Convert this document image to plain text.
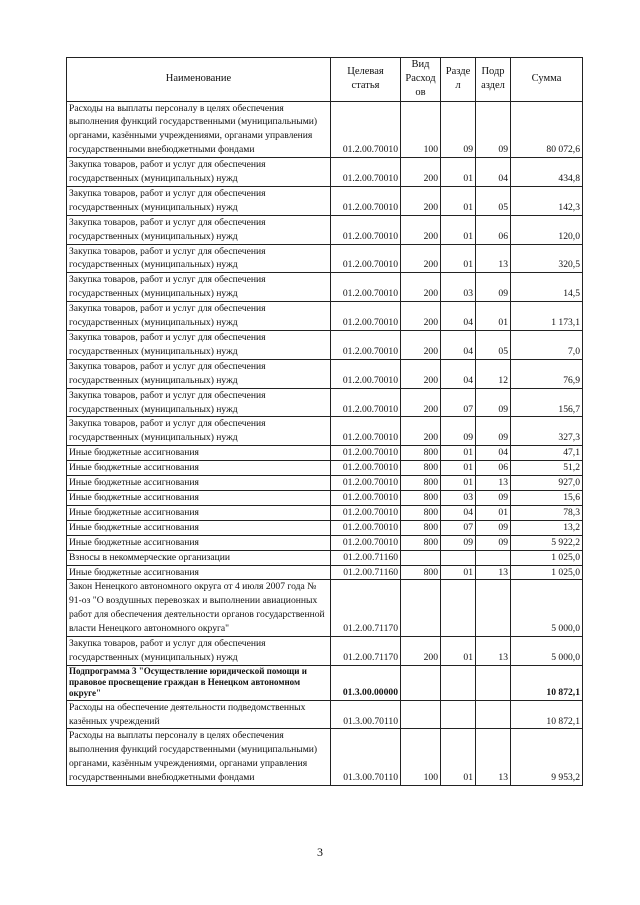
Наименование	Целевая статья	Вид Расход ов	Разде л	Подр аздел	Сумма
Расходы на выплаты персоналу в целях обеспечения выполнения функций государственными (муниципальными) органами, казёнными учреждениями, органами управления государственными внебюджетными фондами	01.2.00.70010	100	09	09	80 072,6
Закупка товаров, работ и услуг для обеспечения государственных (муниципальных) нужд	01.2.00.70010	200	01	04	434,8
Закупка товаров, работ и услуг для обеспечения государственных (муниципальных) нужд	01.2.00.70010	200	01	05	142,3
Закупка товаров, работ и услуг для обеспечения государственных (муниципальных) нужд	01.2.00.70010	200	01	06	120,0
Закупка товаров, работ и услуг для обеспечения государственных (муниципальных) нужд	01.2.00.70010	200	01	13	320,5
Закупка товаров, работ и услуг для обеспечения государственных (муниципальных) нужд	01.2.00.70010	200	03	09	14,5
Закупка товаров, работ и услуг для обеспечения государственных (муниципальных) нужд	01.2.00.70010	200	04	01	1 173,1
Закупка товаров, работ и услуг для обеспечения государственных (муниципальных) нужд	01.2.00.70010	200	04	05	7,0
Закупка товаров, работ и услуг для обеспечения государственных (муниципальных) нужд	01.2.00.70010	200	04	12	76,9
Закупка товаров, работ и услуг для обеспечения государственных (муниципальных) нужд	01.2.00.70010	200	07	09	156,7
Закупка товаров, работ и услуг для обеспечения государственных (муниципальных) нужд	01.2.00.70010	200	09	09	327,3
Иные бюджетные ассигнования	01.2.00.70010	800	01	04	47,1
Иные бюджетные ассигнования	01.2.00.70010	800	01	06	51,2
Иные бюджетные ассигнования	01.2.00.70010	800	01	13	927,0
Иные бюджетные ассигнования	01.2.00.70010	800	03	09	15,6
Иные бюджетные ассигнования	01.2.00.70010	800	04	01	78,3
Иные бюджетные ассигнования	01.2.00.70010	800	07	09	13,2
Иные бюджетные ассигнования	01.2.00.70010	800	09	09	5 922,2
Взносы в некоммерческие организации	01.2.00.71160				1 025,0
Иные бюджетные ассигнования	01.2.00.71160	800	01	13	1 025,0
Закон Ненецкого автономного округа от 4 июля 2007 года № 91-оз "О воздушных перевозках и выполнении авиационных работ для обеспечения деятельности органов государственной власти Ненецкого автономного округа"	01.2.00.71170				5 000,0
Закупка товаров, работ и услуг для обеспечения государственных (муниципальных) нужд	01.2.00.71170	200	01	13	5 000,0
Подпрограмма 3 "Осуществление юридической помощи и правовое просвещение граждан в Ненецком автономном округе"	01.3.00.00000				10 872,1
Расходы на обеспечение деятельности подведомственных казённых учреждений	01.3.00.70110				10 872,1
Расходы на выплаты персоналу в целях обеспечения выполнения функций государственными (муниципальными) органами, казённым учреждениями, органами управления государственными внебюджетными фондами	01.3.00.70110	100	01	13	9 953,2
3
